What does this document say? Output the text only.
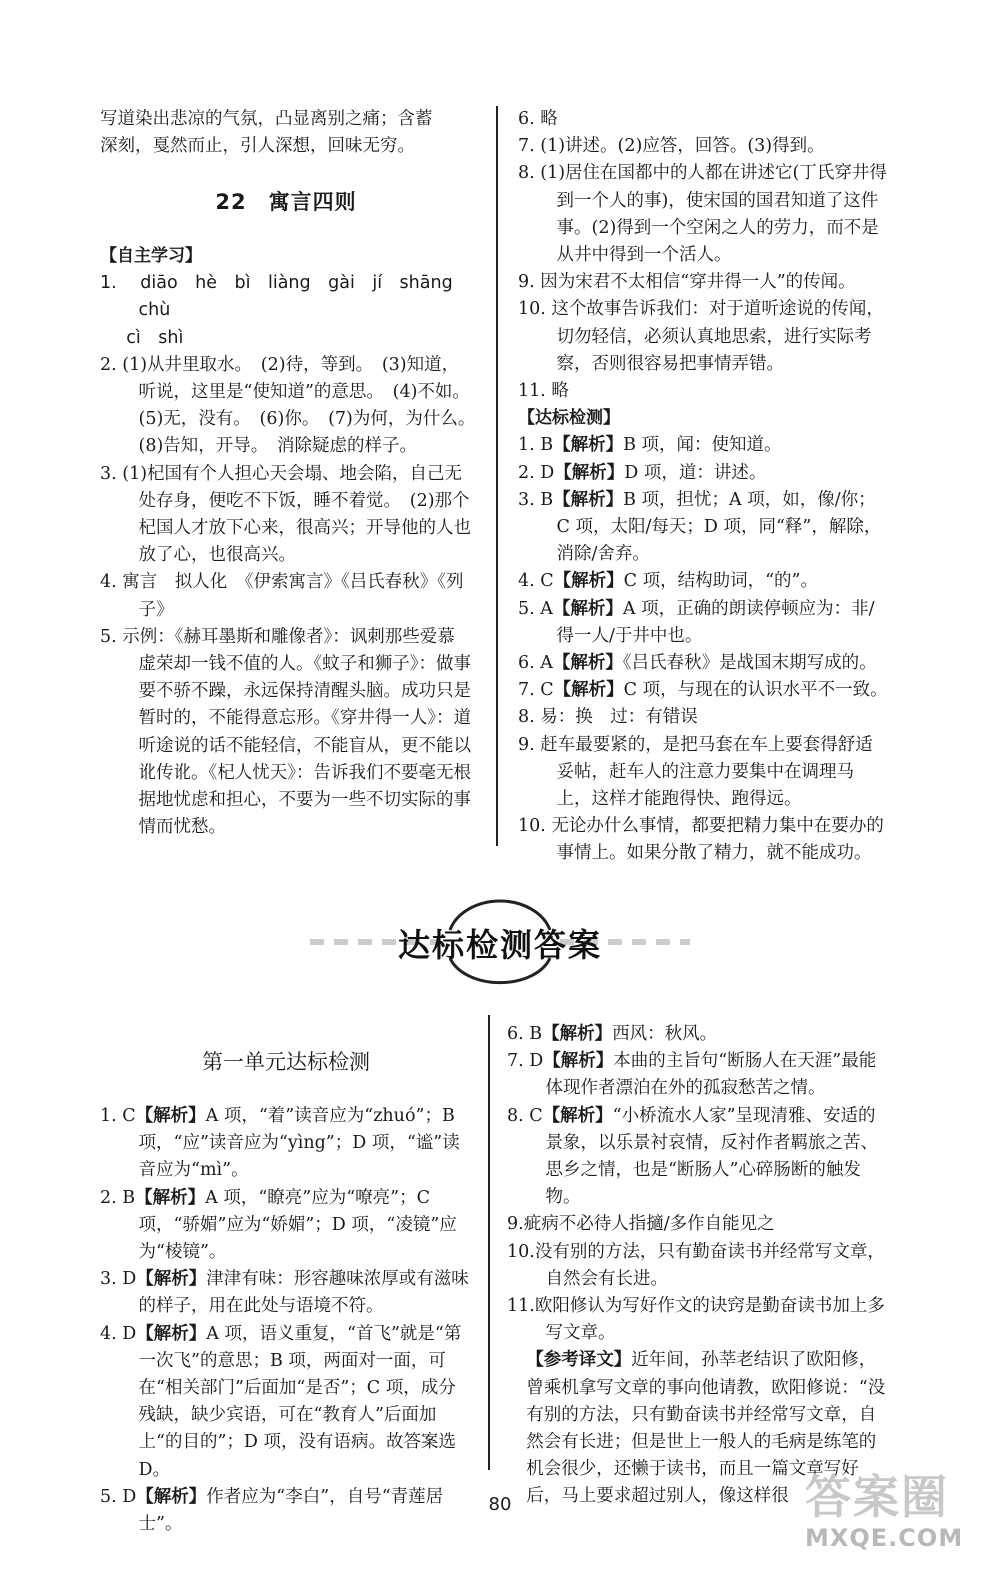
写道染出悲凉的气氛，凸显离别之痛；含蓄

深刻，戛然而止，引人深想，回味无穷。

22　寓言四则

【自主学习】

1. diāo　hè　bì　liàng　gài　jí　shāng　chù

cì　shì

2. (1)从井里取水。　(2)待，等到。　(3)知道，听说，这里是“使知道”的意思。　(4)不如。　(5)无，没有。　(6)你。　(7)为何，为什么。　(8)告知，开导。　消除疑虑的样子。

3. (1)杞国有个人担心天会塌、地会陷，自己无处存身，便吃不下饭，睡不着觉。　(2)那个杞国人才放下心来，很高兴；开导他的人也放了心，也很高兴。

4. 寓言　拟人化　《伊索寓言》《吕氏春秋》《列子》

5. 示例：《赫耳墨斯和雕像者》：讽刺那些爱慕虚荣却一钱不值的人。《蚊子和狮子》：做事要不骄不躁，永远保持清醒头脑。成功只是暂时的，不能得意忘形。《穿井得一人》：道听途说的话不能轻信，不能盲从，更不能以讹传讹。《杞人忧天》：告诉我们不要毫无根据地忧虑和担心，不要为一些不切实际的事情而忧愁。

6. 略

7. (1)讲述。(2)应答，回答。(3)得到。

8. (1)居住在国都中的人都在讲述它(丁氏穿井得到一个人的事)，使宋国的国君知道了这件事。(2)得到一个空闲之人的劳力，而不是从井中得到一个活人。

9. 因为宋君不太相信“穿井得一人”的传闻。

10. 这个故事告诉我们：对于道听途说的传闻，切勿轻信，必须认真地思索，进行实际考察，否则很容易把事情弄错。

11. 略

【达标检测】

1. B【解析】B 项，闻：使知道。

2. D【解析】D 项，道：讲述。

3. B【解析】B 项，担忧；A 项，如，像/你；C 项，太阳/每天；D 项，同“释”，解除，消除/舍弃。

4. C【解析】C 项，结构助词，“的”。

5. A【解析】A 项，正确的朗读停顿应为：非/得一人/于井中也。

6. A【解析】《吕氏春秋》是战国末期写成的。

7. C【解析】C 项，与现在的认识水平不一致。

8. 易：换　过：有错误

9. 赶车最要紧的，是把马套在车上要套得舒适妥帖，赶车人的注意力要集中在调理马上，这样才能跑得快、跑得远。

10. 无论办什么事情，都要把精力集中在要办的事情上。如果分散了精力，就不能成功。

达标检测答案
第一单元达标检测

1. C【解析】A 项，“着”读音应为“zhuó”；B 项，“应”读音应为“yìng”；D 项，“谧”读音应为“mì”。

2. B【解析】A 项，“瞭亮”应为“嘹亮”；C 项，“骄媚”应为“娇媚”；D 项，“凌镜”应为“棱镜”。

3. D【解析】津津有味：形容趣味浓厚或有滋味的样子，用在此处与语境不符。

4. D【解析】A 项，语义重复，“首飞”就是“第一次飞”的意思；B 项，两面对一面，可在“相关部门”后面加“是否”；C 项，成分残缺，缺少宾语，可在“教育人”后面加上“的目的”；D 项，没有语病。故答案选 D。

5. D【解析】作者应为“李白”，自号“青莲居士”。

6. B【解析】西风：秋风。

7. D【解析】本曲的主旨句“断肠人在天涯”最能体现作者漂泊在外的孤寂愁苦之情。

8. C【解析】“小桥流水人家”呈现清雅、安适的景象，以乐景衬哀情，反衬作者羁旅之苦、思乡之情，也是“断肠人”心碎肠断的触发物。

9.疵病不必待人指擿/多作自能见之

10.没有别的方法，只有勤奋读书并经常写文章，自然会有长进。

11.欧阳修认为写好作文的诀窍是勤奋读书加上多写文章。

【参考译文】近年间，孙莘老结识了欧阳修，曾乘机拿写文章的事向他请教，欧阳修说：“没有别的方法，只有勤奋读书并经常写文章，自然会有长进；但是世上一般人的毛病是练笔的机会很少，还懒于读书，而且一篇文章写好后，马上要求超过别人，像这样很

80	答案圈
MXQE.COM
